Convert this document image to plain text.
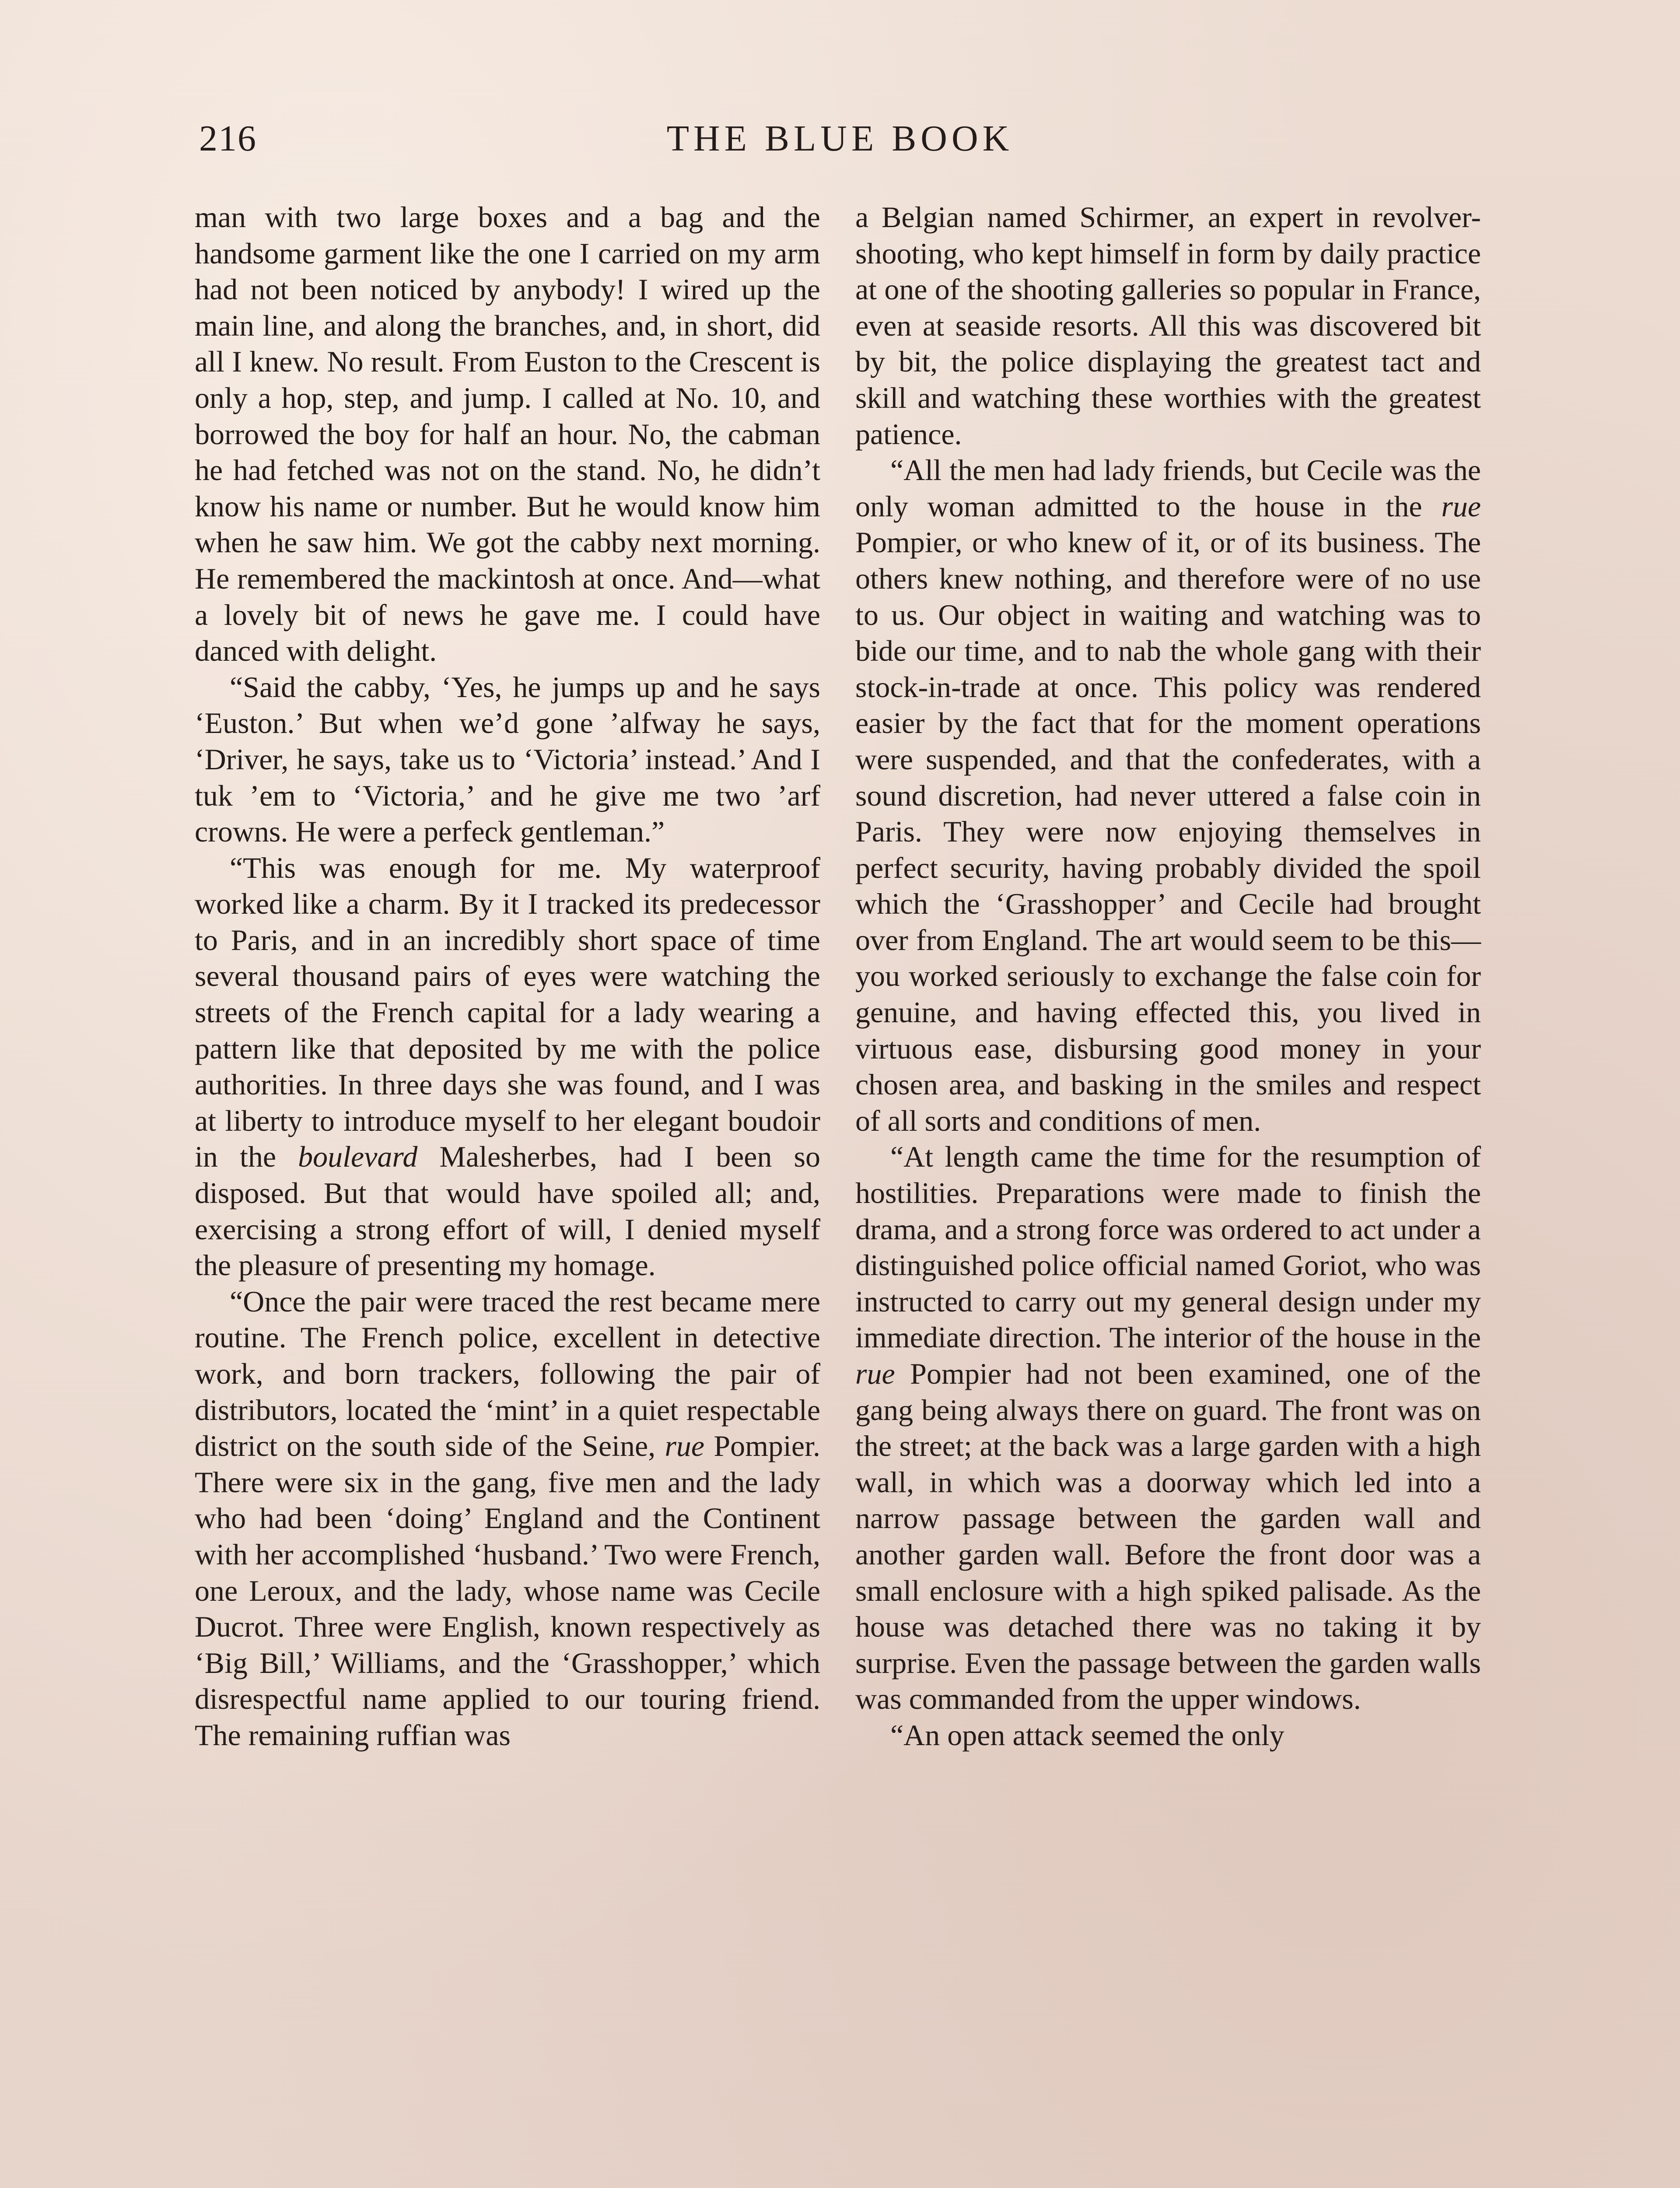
216	THE BLUE BOOK

man with two large boxes and a bag and the handsome garment like the one I carried on my arm had not been noticed by anybody! I wired up the main line, and along the branches, and, in short, did all I knew. No result. From Euston to the Crescent is only a hop, step, and jump. I called at No. 10, and borrowed the boy for half an hour. No, the cabman he had fetched was not on the stand. No, he didn’t know his name or number. But he would know him when he saw him. We got the cabby next morning. He remembered the mackintosh at once. And—what a lovely bit of news he gave me. I could have danced with delight.

“Said the cabby, ‘Yes, he jumps up and he says ‘Euston.’ But when we’d gone ’alfway he says, ‘Driver, he says, take us to ‘Victoria’ instead.’ And I tuk ’em to ‘Victoria,’ and he give me two ’arf crowns. He were a perfeck gentleman.”

“This was enough for me. My waterproof worked like a charm. By it I tracked its predecessor to Paris, and in an incredibly short space of time several thousand pairs of eyes were watching the streets of the French capital for a lady wearing a pattern like that deposited by me with the police authorities. In three days she was found, and I was at liberty to introduce myself to her elegant boudoir in the boulevard Malesherbes, had I been so disposed. But that would have spoiled all; and, exercising a strong effort of will, I denied myself the pleasure of presenting my homage.

“Once the pair were traced the rest became mere routine. The French police, excellent in detective work, and born trackers, following the pair of distributors, located the ‘mint’ in a quiet respectable district on the south side of the Seine, rue Pompier. There were six in the gang, five men and the lady who had been ‘doing’ England and the Continent with her accomplished ‘husband.’ Two were French, one Leroux, and the lady, whose name was Cecile Ducrot. Three were English, known respectively as ‘Big Bill,’ Williams, and the ‘Grasshopper,’ which disrespectful name applied to our touring friend. The remaining ruffian was

a Belgian named Schirmer, an expert in revolver-shooting, who kept himself in form by daily practice at one of the shooting galleries so popular in France, even at seaside resorts. All this was discovered bit by bit, the police displaying the greatest tact and skill and watching these worthies with the greatest patience.

“All the men had lady friends, but Cecile was the only woman admitted to the house in the rue Pompier, or who knew of it, or of its business. The others knew nothing, and therefore were of no use to us. Our object in waiting and watching was to bide our time, and to nab the whole gang with their stock-in-trade at once. This policy was rendered easier by the fact that for the moment operations were suspended, and that the confederates, with a sound discretion, had never uttered a false coin in Paris. They were now enjoying themselves in perfect security, having probably divided the spoil which the ‘Grasshopper’ and Cecile had brought over from England. The art would seem to be this—you worked seriously to exchange the false coin for genuine, and having effected this, you lived in virtuous ease, disbursing good money in your chosen area, and basking in the smiles and respect of all sorts and conditions of men.

“At length came the time for the resumption of hostilities. Preparations were made to finish the drama, and a strong force was ordered to act under a distinguished police official named Goriot, who was instructed to carry out my general design under my immediate direction. The interior of the house in the rue Pompier had not been examined, one of the gang being always there on guard. The front was on the street; at the back was a large garden with a high wall, in which was a doorway which led into a narrow passage between the garden wall and another garden wall. Before the front door was a small enclosure with a high spiked palisade. As the house was detached there was no taking it by surprise. Even the passage between the garden walls was commanded from the upper windows.

“An open attack seemed the only
